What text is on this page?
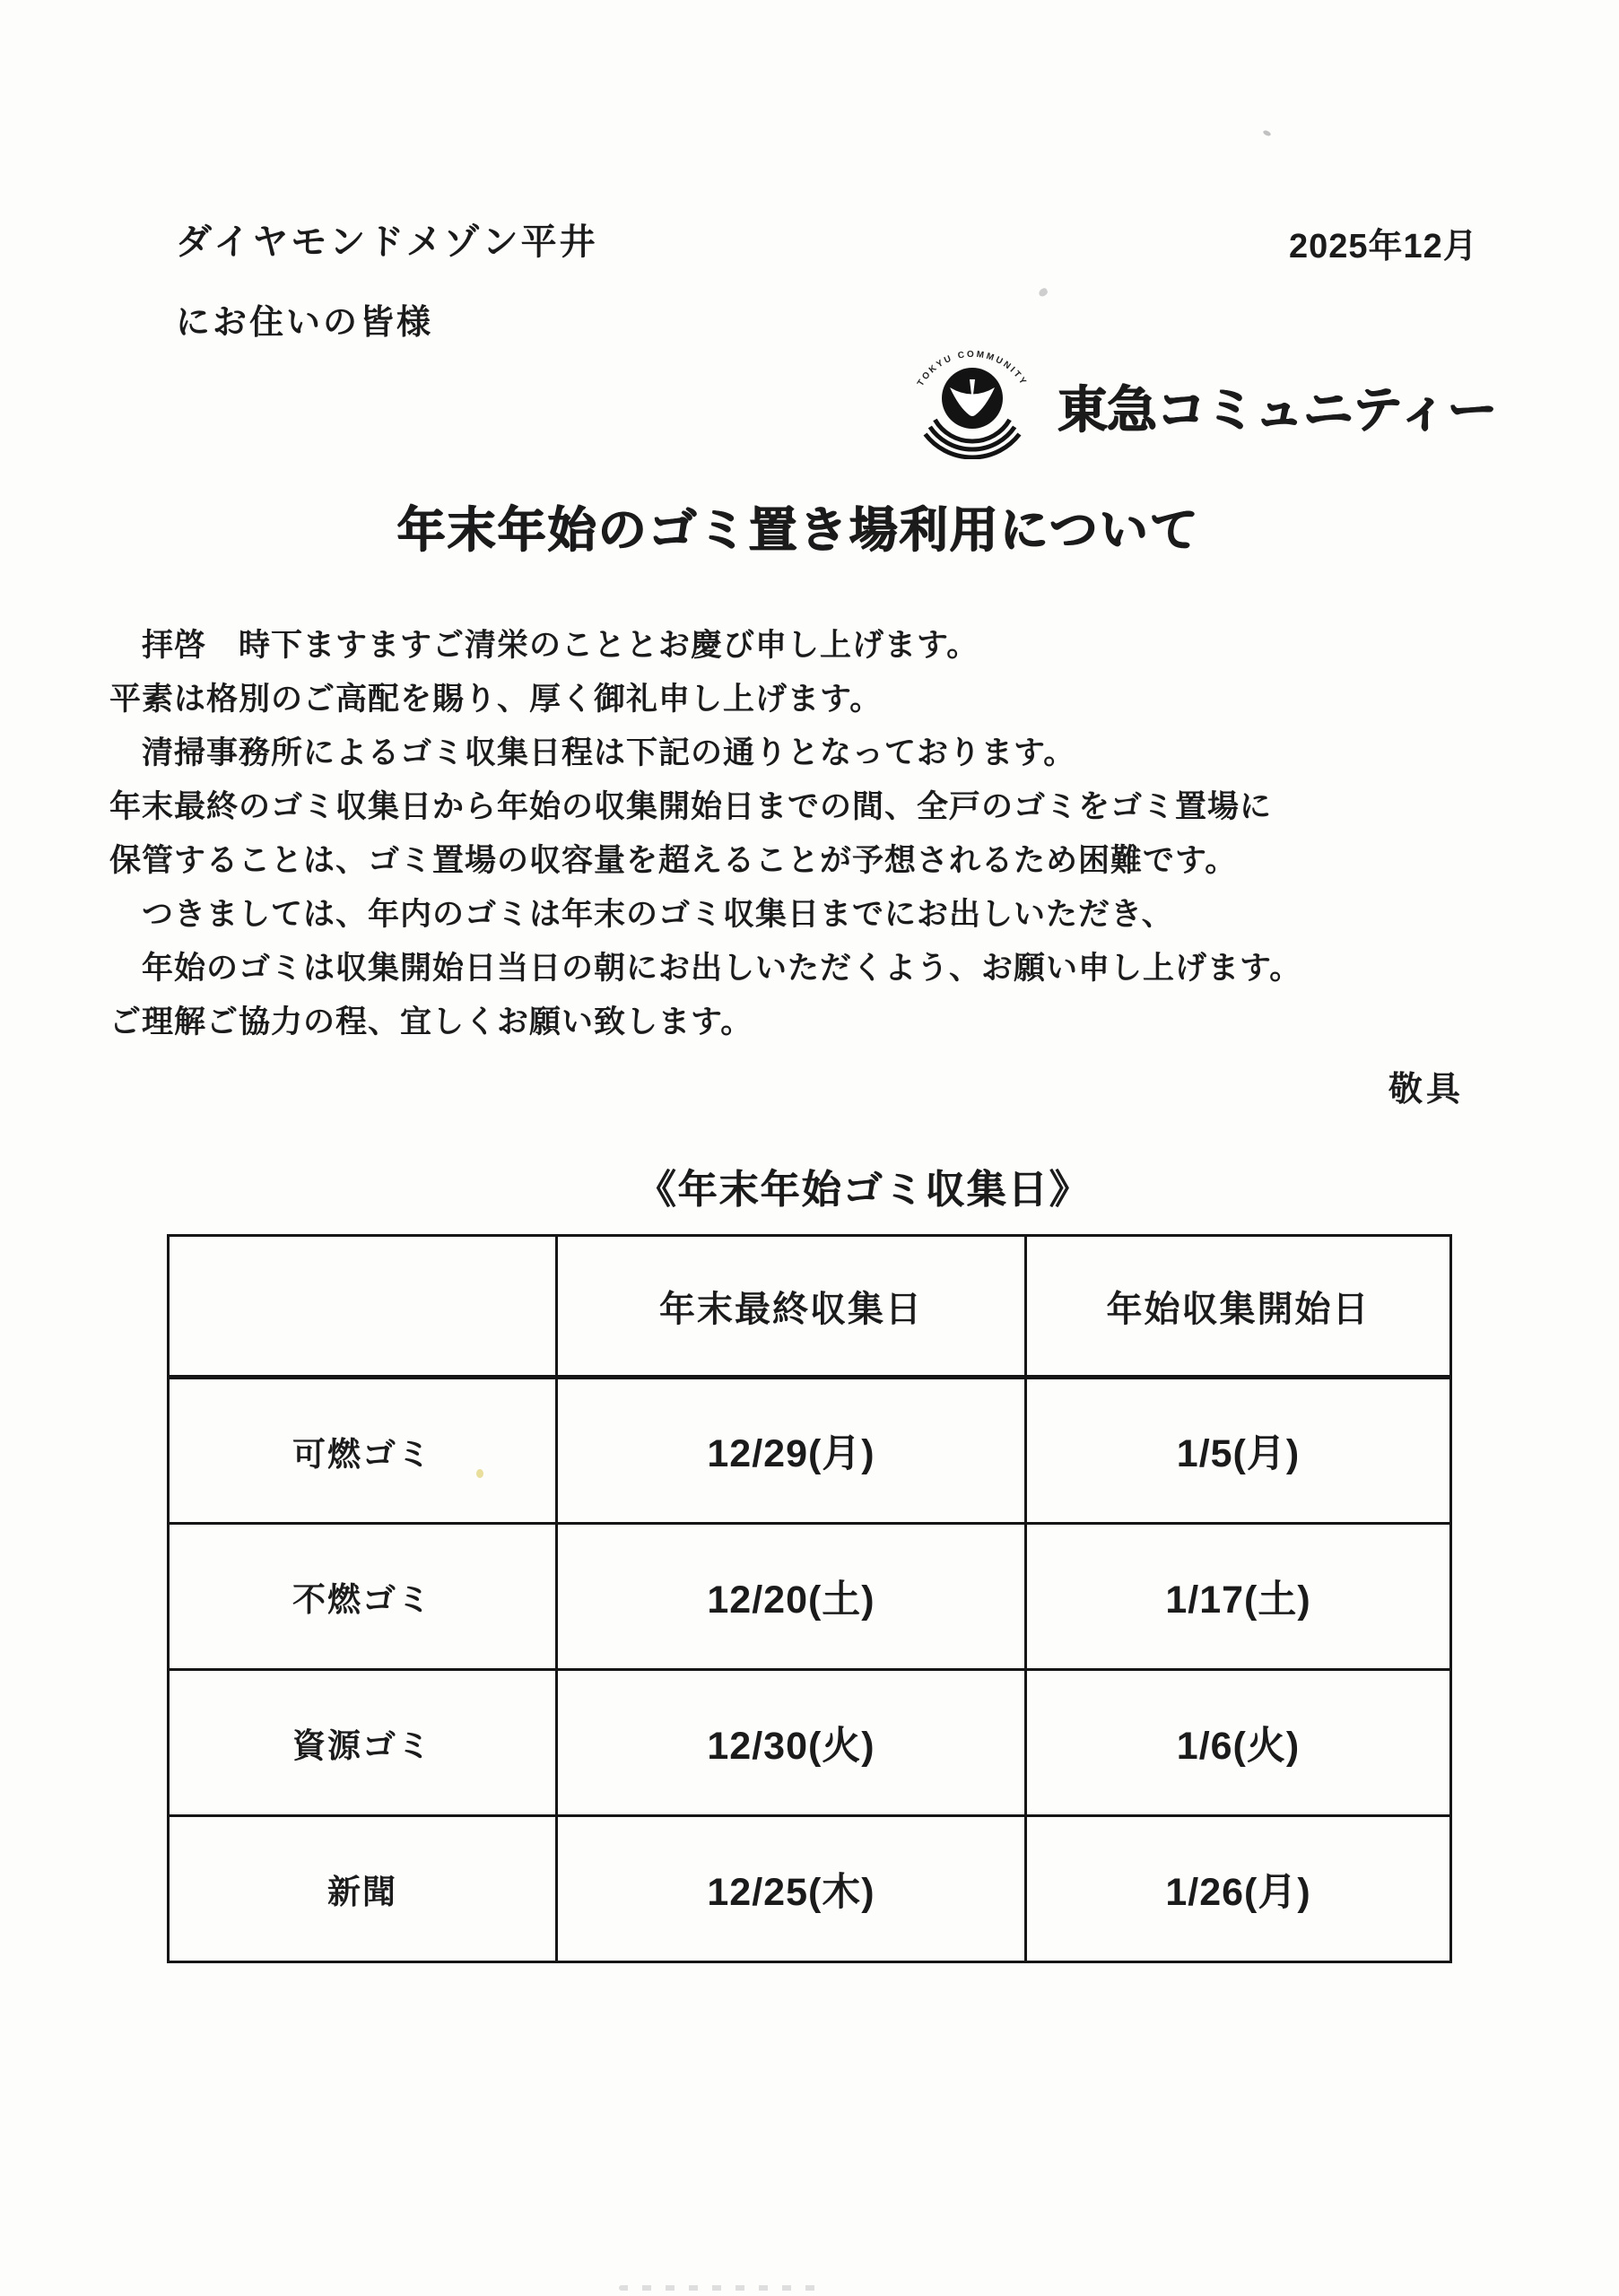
ダイヤモンドメゾン平井
にお住いの皆様
2025年12月
TOKYU COMMUNITY 東急コミュニティー
年末年始のゴミ置き場利用について
　拝啓　時下ますますご清栄のこととお慶び申し上げます。
平素は格別のご高配を賜り、厚く御礼申し上げます。
　清掃事務所によるゴミ収集日程は下記の通りとなっております。
年末最終のゴミ収集日から年始の収集開始日までの間、全戸のゴミをゴミ置場に
保管することは、ゴミ置場の収容量を超えることが予想されるため困難です。
　つきましては、年内のゴミは年末のゴミ収集日までにお出しいただき、
　年始のゴミは収集開始日当日の朝にお出しいただくよう、お願い申し上げます。
ご理解ご協力の程、宜しくお願い致します。
敬具
《年末年始ゴミ収集日》
	年末最終収集日	年始収集開始日
可燃ゴミ	12/29(月)	1/5(月)
不燃ゴミ	12/20(土)	1/17(土)
資源ゴミ	12/30(火)	1/6(火)
新聞	12/25(木)	1/26(月)
